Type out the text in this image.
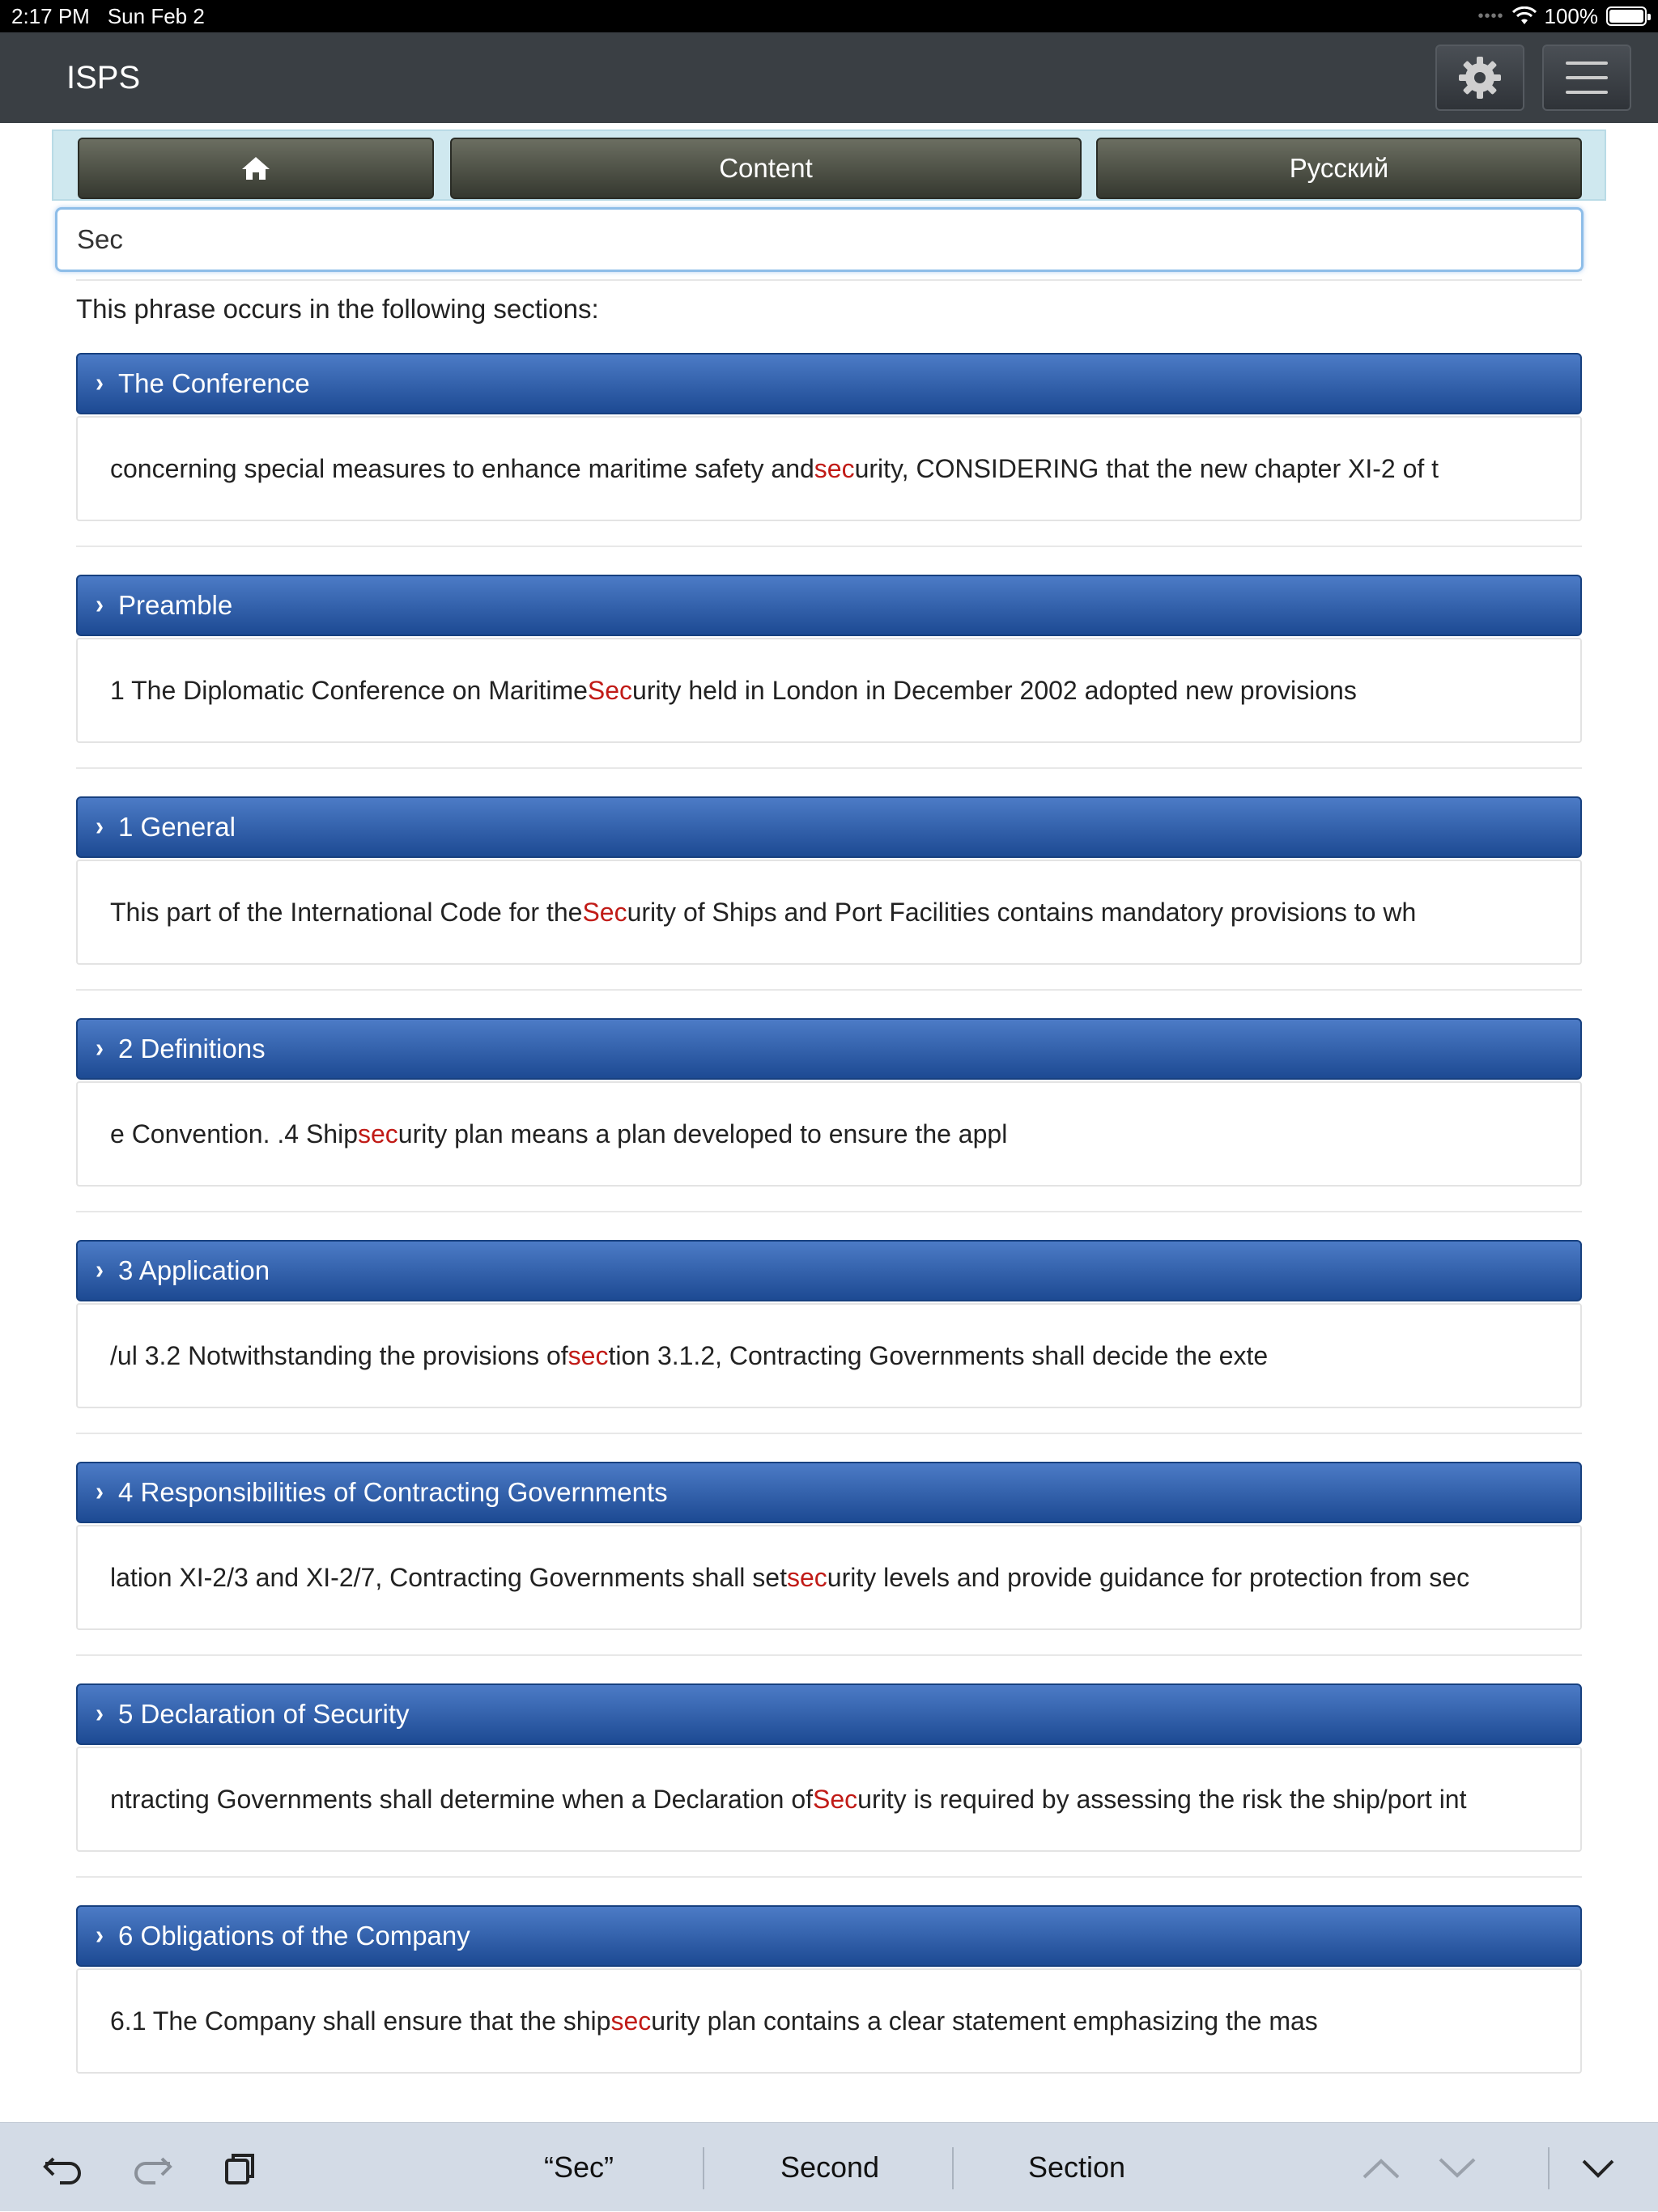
2:17 PM Sun Feb 2	•••• 100%
ISPS
Content	Русский
Sec
This phrase occurs in the following sections:
› The Conference
concerning special measures to enhance maritime safety and sec urity, CONSIDERING that the new chapter XI-2 of t
› Preamble
1 The Diplomatic Conference on Maritime Sec urity held in London in December 2002 adopted new provisions
› 1 General
This part of the International Code for the Sec urity of Ships and Port Facilities contains mandatory provisions to wh
› 2 Definitions
e Convention. .4 Ship sec urity plan means a plan developed to ensure the appl
› 3 Application
/ul 3.2 Notwithstanding the provisions of sec tion 3.1.2, Contracting Governments shall decide the exte
› 4 Responsibilities of Contracting Governments
lation XI-2/3 and XI-2/7, Contracting Governments shall set sec urity levels and provide guidance for protection from sec
› 5 Declaration of Security
ntracting Governments shall determine when a Declaration of Sec urity is required by assessing the risk the ship/port int
› 6 Obligations of the Company
6.1 The Company shall ensure that the ship sec urity plan contains a clear statement emphasizing the mas
“Sec”	Second	Section
